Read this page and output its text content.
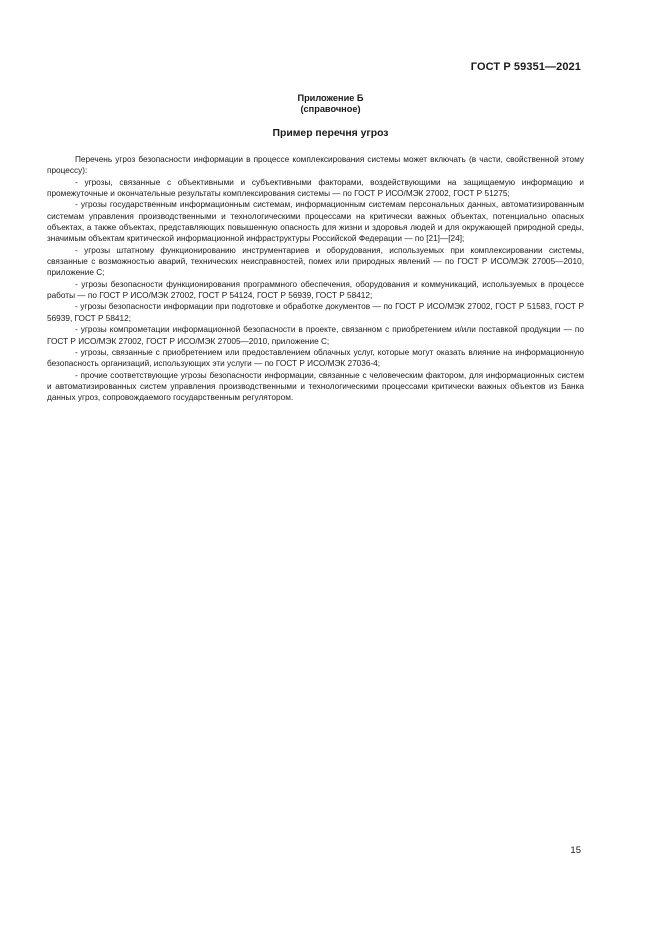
ГОСТ Р 59351—2021
Приложение Б
(справочное)
Пример перечня угроз

Перечень угроз безопасности информации в процессе комплексирования системы может включать (в части, свойственной этому процессу):

- угрозы, связанные с объективными и субъективными факторами, воздействующими на защищаемую информацию и промежуточные и окончательные результаты комплексирования системы — по ГОСТ Р ИСО/МЭК 27002, ГОСТ Р 51275;

- угрозы государственным информационным системам, информационным системам персональных данных, автоматизированным системам управления производственными и технологическими процессами на критически важных объектах, потенциально опасных объектах, а также объектах, представляющих повышенную опасность для жизни и здоровья людей и для окружающей природной среды, значимым объектам критической информационной инфраструктуры Российской Федерации — по [21]—[24];

- угрозы штатному функционированию инструментариев и оборудования, используемых при комплексировании системы, связанные с возможностью аварий, технических неисправностей, помех или природных явлений — по ГОСТ Р ИСО/МЭК 27005—2010, приложение С;

- угрозы безопасности функционирования программного обеспечения, оборудования и коммуникаций, используемых в процессе работы — по ГОСТ Р ИСО/МЭК 27002, ГОСТ Р 54124, ГОСТ Р 56939, ГОСТ Р 58412;

- угрозы безопасности информации при подготовке и обработке документов — по ГОСТ Р ИСО/МЭК 27002, ГОСТ Р 51583, ГОСТ Р 56939, ГОСТ Р 58412;

- угрозы компрометации информационной безопасности в проекте, связанном с приобретением и/или поставкой продукции — по ГОСТ Р ИСО/МЭК 27002, ГОСТ Р ИСО/МЭК 27005—2010, приложение С;

- угрозы, связанные с приобретением или предоставлением облачных услуг, которые могут оказать влияние на информационную безопасность организаций, использующих эти услуги — по ГОСТ Р ИСО/МЭК 27036-4;

- прочие соответствующие угрозы безопасности информации, связанные с человеческим фактором, для информационных систем и автоматизированных систем управления производственными и технологическими процессами критически важных объектов из Банка данных угроз, сопровождаемого государственным регулятором.

15
